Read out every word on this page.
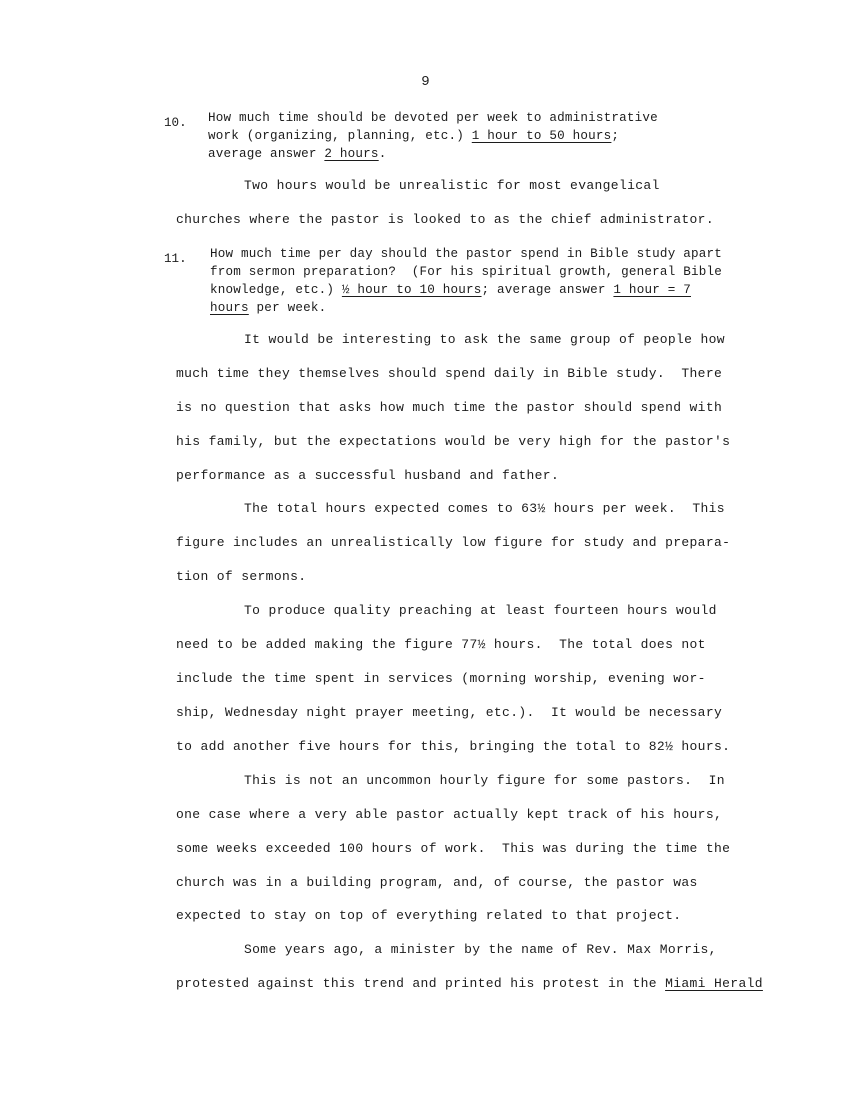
9
10. How much time should be devoted per week to administrative
work (organizing, planning, etc.) 1 hour to 50 hours;
average answer 2 hours.
Two hours would be unrealistic for most evangelical
churches where the pastor is looked to as the chief administrator.
11. How much time per day should the pastor spend in Bible study apart
from sermon preparation?  (For his spiritual growth, general Bible
knowledge, etc.) ½ hour to 10 hours; average answer 1 hour = 7
hours per week.
It would be interesting to ask the same group of people how
much time they themselves should spend daily in Bible study.  There
is no question that asks how much time the pastor should spend with
his family, but the expectations would be very high for the pastor's
performance as a successful husband and father.
The total hours expected comes to 63½ hours per week.  This
figure includes an unrealistically low figure for study and prepara-
tion of sermons.
To produce quality preaching at least fourteen hours would
need to be added making the figure 77½ hours.  The total does not
include the time spent in services (morning worship, evening wor-
ship, Wednesday night prayer meeting, etc.).  It would be necessary
to add another five hours for this, bringing the total to 82½ hours.
This is not an uncommon hourly figure for some pastors.  In
one case where a very able pastor actually kept track of his hours,
some weeks exceeded 100 hours of work.  This was during the time the
church was in a building program, and, of course, the pastor was
expected to stay on top of everything related to that project.
Some years ago, a minister by the name of Rev. Max Morris,
protested against this trend and printed his protest in the Miami Herald
